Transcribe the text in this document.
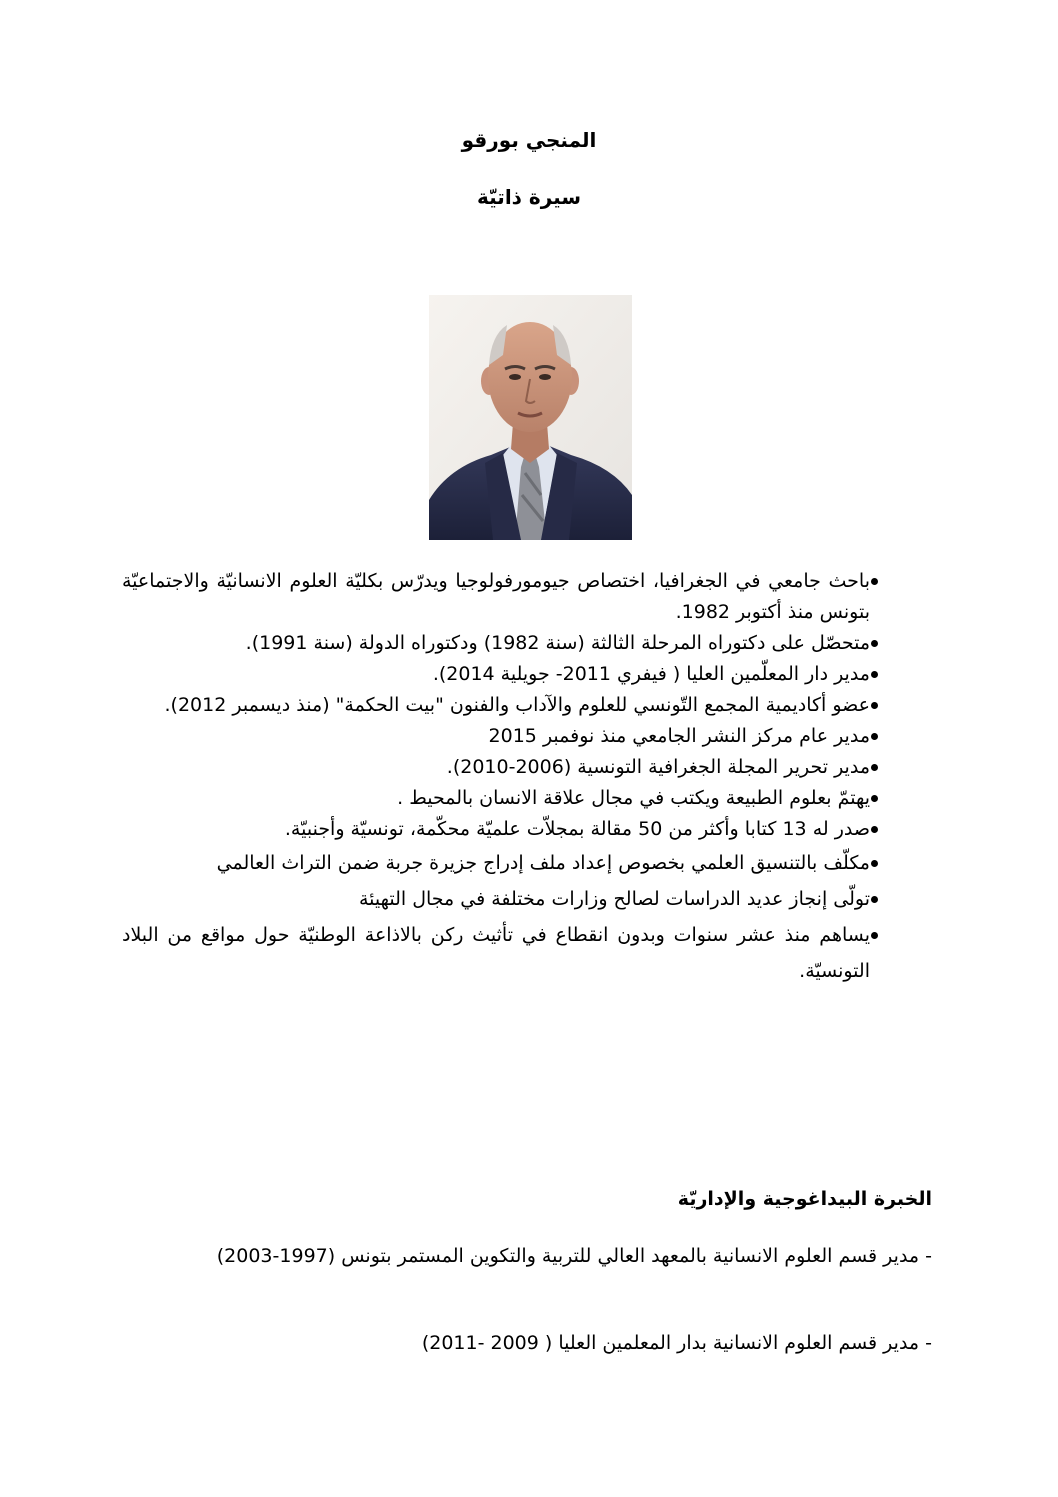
المنجي بورقو
سيرة ذاتيّة
باحث جامعي في الجغرافيا، اختصاص جيومورفولوجيا ويدرّس بكليّة العلوم الانسانيّة والاجتماعيّة بتونس منذ أكتوبر 1982.
متحصّل على دكتوراه المرحلة الثالثة (سنة 1982) ودكتوراه الدولة (سنة 1991).
مدير دار المعلّمين العليا ( فيفري 2011- جويلية 2014).
عضو أكاديمية المجمع التّونسي للعلوم والآداب والفنون "بيت الحكمة" (منذ ديسمبر 2012).
مدير عام مركز النشر الجامعي منذ نوفمبر 2015
مدير تحرير المجلة الجغرافية التونسية (2006-2010).
يهتمّ بعلوم الطبيعة ويكتب في مجال علاقة الانسان بالمحيط .
صدر له 13 كتابا وأكثر من 50 مقالة بمجلاّت علميّة محكّمة، تونسيّة وأجنبيّة.
مكلّف بالتنسيق العلمي بخصوص إعداد ملف إدراج جزيرة جربة ضمن التراث العالمي
تولّى إنجاز عديد الدراسات لصالح وزارات مختلفة في مجال التهيئة
يساهم منذ عشر سنوات وبدون انقطاع في تأثيث ركن بالاذاعة الوطنيّة حول مواقع من البلاد التونسيّة.
الخبرة البيداغوجية والإداريّة
- مدير قسم العلوم الانسانية بالمعهد العالي للتربية والتكوين المستمر بتونس (1997-2003)
- مدير قسم العلوم الانسانية بدار المعلمين العليا ( 2009 -2011)
